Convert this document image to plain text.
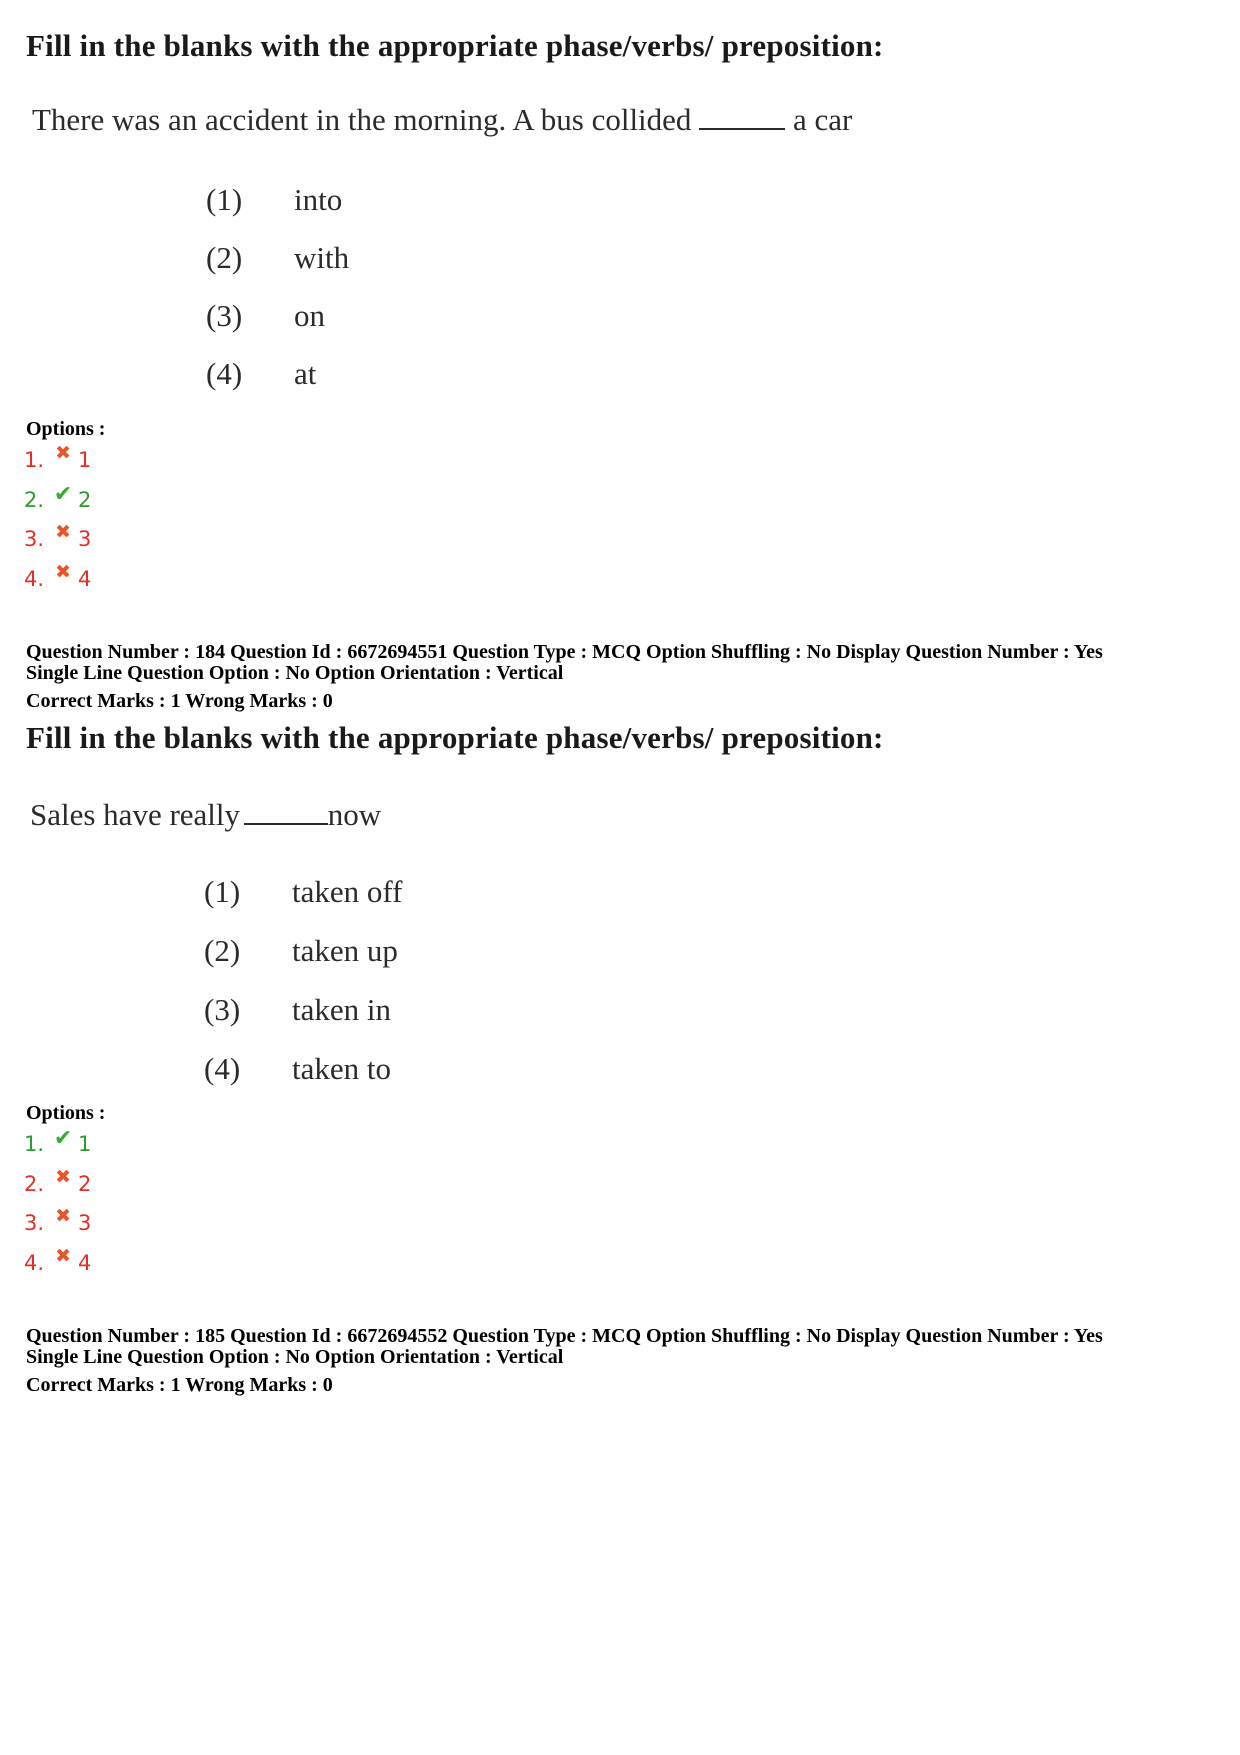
Fill in the blanks with the appropriate phase/verbs/ preposition:
There was an accident in the morning. A bus collided	a car
(1) into
(2) with
(3) on
(4) at
Options :
1. ✖ 1
2. ✔ 2
3. ✖ 3
4. ✖ 4
Question Number : 184 Question Id : 6672694551 Question Type : MCQ Option Shuffling : No Display Question Number : Yes
Single Line Question Option : No Option Orientation : Vertical
Correct Marks : 1 Wrong Marks : 0
Fill in the blanks with the appropriate phase/verbs/ preposition:
Sales have really	now
(1) taken off
(2) taken up
(3) taken in
(4) taken to
Options :
1. ✔ 1
2. ✖ 2
3. ✖ 3
4. ✖ 4
Question Number : 185 Question Id : 6672694552 Question Type : MCQ Option Shuffling : No Display Question Number : Yes
Single Line Question Option : No Option Orientation : Vertical
Correct Marks : 1 Wrong Marks : 0
